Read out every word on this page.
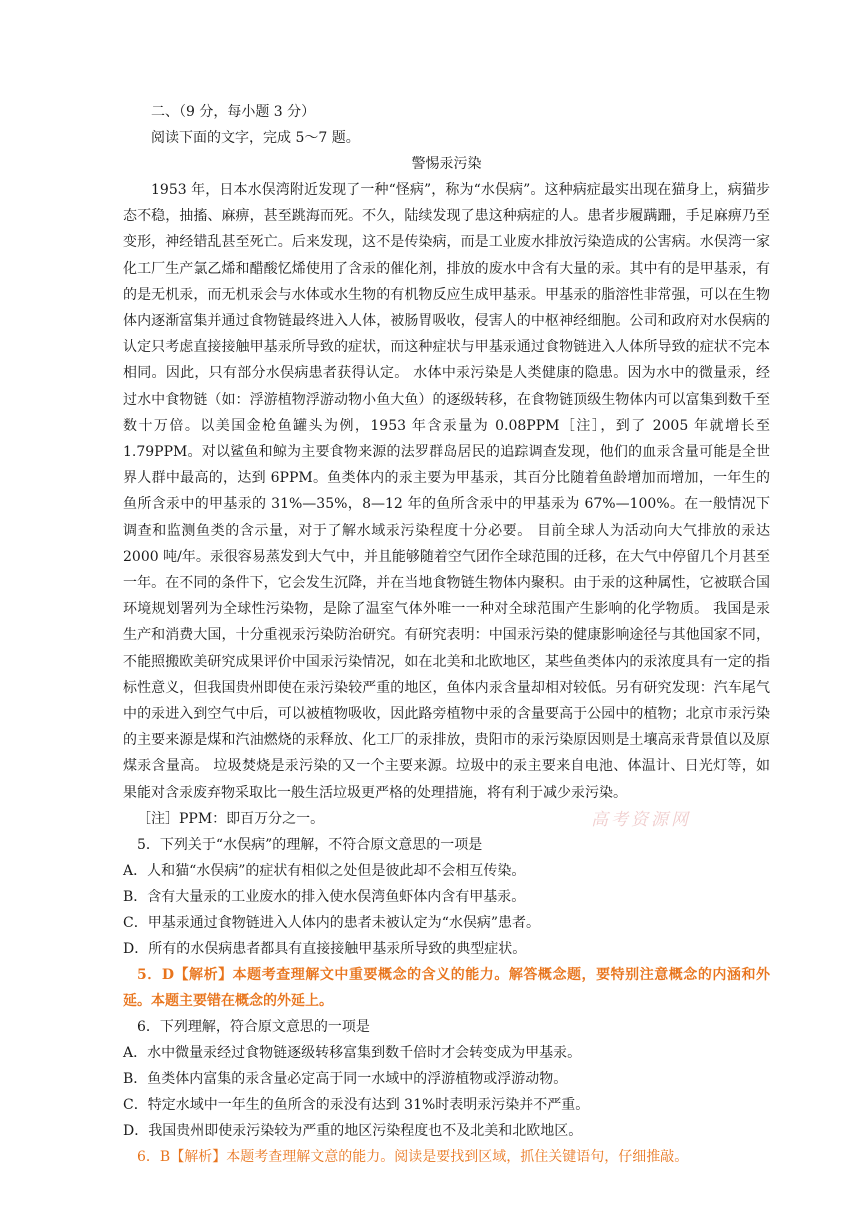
二、（9 分，每小题 3 分）

阅读下面的文字，完成 5～7 题。

警惕汞污染

1953 年，日本水俣湾附近发现了一种“怪病”，称为“水俣病”。这种病症最实出现在猫身上，病猫步态不稳，抽搐、麻痹，甚至跳海而死。不久，陆续发现了患这种病症的人。患者步履蹒跚，手足麻痹乃至变形，神经错乱甚至死亡。后来发现，这不是传染病，而是工业废水排放污染造成的公害病。水俣湾一家化工厂生产氯乙烯和醋酸忆烯使用了含汞的催化剂，排放的废水中含有大量的汞。其中有的是甲基汞，有的是无机汞，而无机汞会与水体或水生物的有机物反应生成甲基汞。甲基汞的脂溶性非常强，可以在生物体内逐渐富集并通过食物链最终进入人体，被肠胃吸收，侵害人的中枢神经细胞。公司和政府对水俣病的认定只考虑直接接触甲基汞所导致的症状，而这种症状与甲基汞通过食物链进入人体所导致的症状不完本相同。因此，只有部分水俣病患者获得认定。 水体中汞污染是人类健康的隐患。因为水中的微量汞，经过水中食物链（如：浮游植物浮游动物小鱼大鱼）的逐级转移，在食物链顶级生物体内可以富集到数千至数十万倍。以美国金枪鱼罐头为例，1953 年含汞量为 0.08PPM［注］，到了 2005 年就增长至 1.79PPM。对以鲨鱼和鲸为主要食物来源的法罗群岛居民的追踪调查发现，他们的血汞含量可能是全世界人群中最高的，达到 6PPM。鱼类体内的汞主要为甲基汞，其百分比随着鱼龄增加而增加，一年生的鱼所含汞中的甲基汞的 31%—35%，8—12 年的鱼所含汞中的甲基汞为 67%—100%。在一般情况下调查和监测鱼类的含示量，对于了解水域汞污染程度十分必要。 目前全球人为活动向大气排放的汞达 2000 吨/年。汞很容易蒸发到大气中，并且能够随着空气团作全球范围的迁移，在大气中停留几个月甚至一年。在不同的条件下，它会发生沉降，并在当地食物链生物体内聚积。由于汞的这种属性，它被联合国环境规划署列为全球性污染物，是除了温室气体外唯一一种对全球范围产生影响的化学物质。 我国是汞生产和消费大国，十分重视汞污染防治研究。有研究表明：中国汞污染的健康影响途径与其他国家不同，不能照搬欧美研究成果评价中国汞污染情况，如在北美和北欧地区，某些鱼类体内的汞浓度具有一定的指标性意义，但我国贵州即使在汞污染较严重的地区，鱼体内汞含量却相对较低。另有研究发现：汽车尾气中的汞进入到空气中后，可以被植物吸收，因此路旁植物中汞的含量要高于公园中的植物；北京市汞污染的主要来源是煤和汽油燃烧的汞释放、化工厂的汞排放，贵阳市的汞污染原因则是土壤高汞背景值以及原煤汞含量高。 垃圾焚烧是汞污染的又一个主要来源。垃圾中的汞主要来自电池、体温计、日光灯等，如果能对含汞废弃物采取比一般生活垃圾更严格的处理措施，将有利于减少汞污染。

［注］PPM：即百万分之一。

5．下列关于“水俣病”的理解，不符合原文意思的一项是

A．人和猫“水俣病”的症状有相似之处但是彼此却不会相互传染。

B．含有大量汞的工业废水的排入使水俣湾鱼虾体内含有甲基汞。

C．甲基汞通过食物链进入人体内的患者未被认定为“水俣病”患者。

D．所有的水俣病患者都具有直接接触甲基汞所导致的典型症状。

5．D【解析】本题考查理解文中重要概念的含义的能力。解答概念题，要特别注意概念的内涵和外延。本题主要错在概念的外延上。

6．下列理解，符合原文意思的一项是

A．水中微量汞经过食物链逐级转移富集到数千倍时才会转变成为甲基汞。

B．鱼类体内富集的汞含量必定高于同一水域中的浮游植物或浮游动物。

C．特定水域中一年生的鱼所含的汞没有达到 31%时表明汞污染并不严重。

D．我国贵州即使汞污染较为严重的地区污染程度也不及北美和北欧地区。

6．B【解析】本题考查理解文意的能力。阅读是要找到区域，抓住关键语句，仔细推敲。

高考资源网
